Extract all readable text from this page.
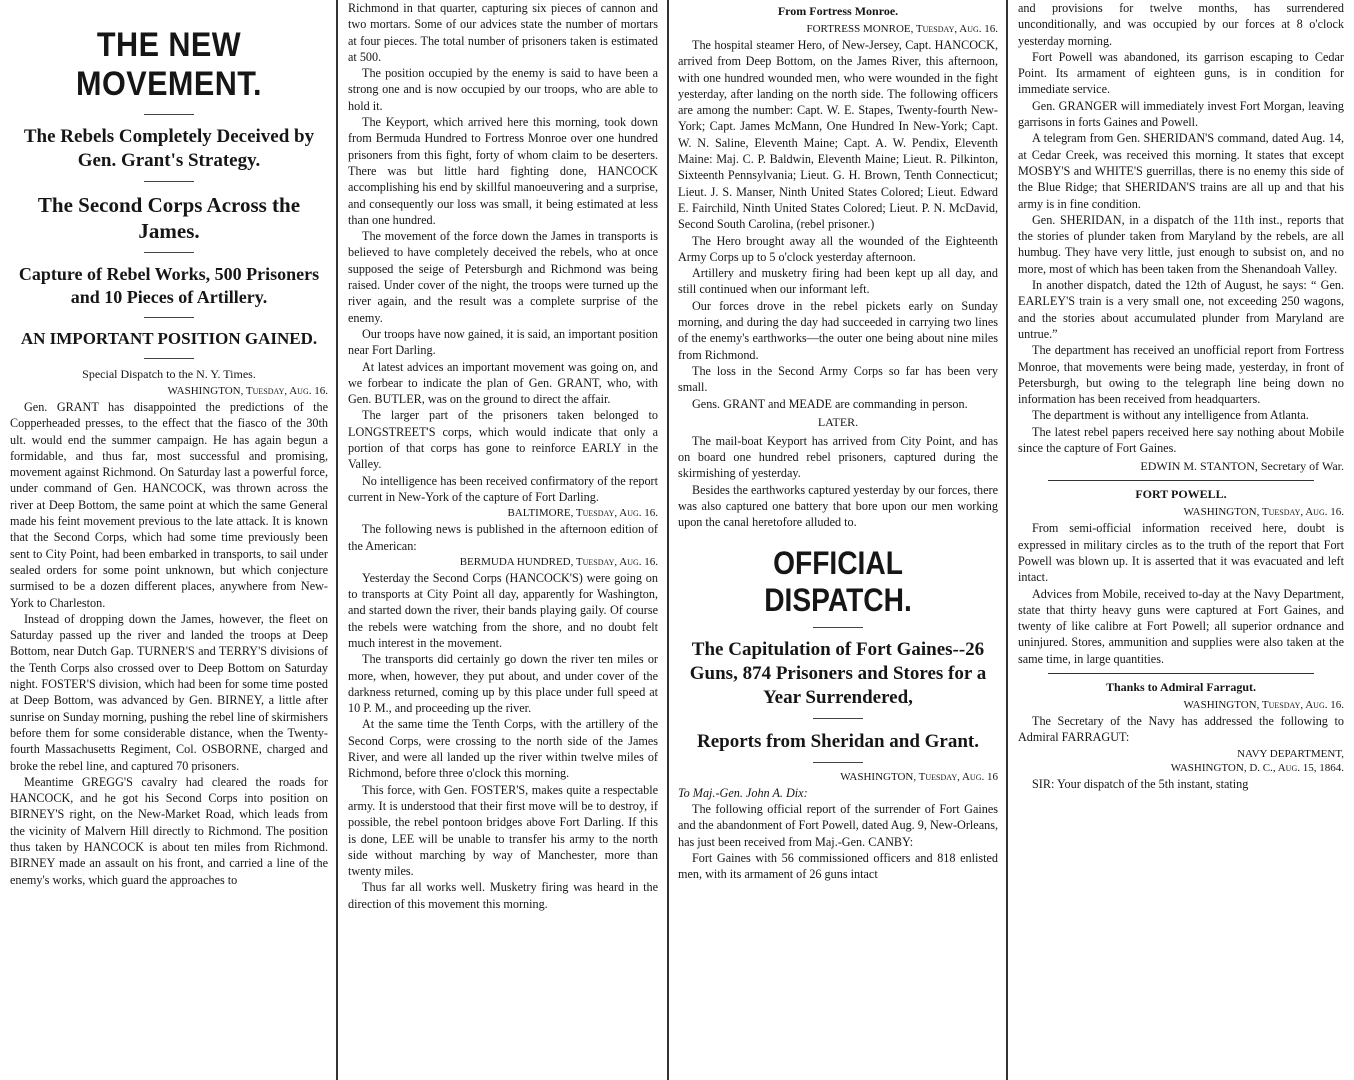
THE NEW MOVEMENT.
The Rebels Completely Deceived by Gen. Grant's Strategy.
The Second Corps Across the James.
Capture of Rebel Works, 500 Prisoners and 10 Pieces of Artillery.
AN IMPORTANT POSITION GAINED.
Special Dispatch to the N. Y. Times.
WASHINGTON, Tuesday, Aug. 16.

Gen. GRANT has disappointed the predictions of the Copperheaded presses, to the effect that the fiasco of the 30th ult. would end the summer campaign. He has again begun a formidable, and thus far, most successful and promising, movement against Richmond. On Saturday last a powerful force, under command of Gen. HANCOCK, was thrown across the river at Deep Bottom, the same point at which the same General made his feint movement previous to the late attack. It is known that the Second Corps, which had some time previously been sent to City Point, had been embarked in transports, to sail under sealed orders for some point unknown, but which conjecture surmised to be a dozen different places, anywhere from New-York to Charleston.

Instead of dropping down the James, however, the fleet on Saturday passed up the river and landed the troops at Deep Bottom, near Dutch Gap. TURNER'S and TERRY'S divisions of the Tenth Corps also crossed over to Deep Bottom on Saturday night. FOSTER'S division, which had been for some time posted at Deep Bottom, was advanced by Gen. BIRNEY, a little after sunrise on Sunday morning, pushing the rebel line of skirmishers before them for some considerable distance, when the Twenty-fourth Massachusetts Regiment, Col. OSBORNE, charged and broke the rebel line, and captured 70 prisoners.

Meantime GREGG'S cavalry had cleared the roads for HANCOCK, and he got his Second Corps into position on BIRNEY'S right, on the New-Market Road, which leads from the vicinity of Malvern Hill directly to Richmond. The position thus taken by HANCOCK is about ten miles from Richmond. BIRNEY made an assault on his front, and carried a line of the enemy's works, which guard the approaches to

Richmond in that quarter, capturing six pieces of cannon and two mortars. Some of our advices state the number of mortars at four pieces. The total number of prisoners taken is estimated at 500.

The position occupied by the enemy is said to have been a strong one and is now occupied by our troops, who are able to hold it.

The Keyport, which arrived here this morning, took down from Bermuda Hundred to Fortress Monroe over one hundred prisoners from this fight, forty of whom claim to be deserters. There was but little hard fighting done, HANCOCK accomplishing his end by skillful manoeuvering and a surprise, and consequently our loss was small, it being estimated at less than one hundred.

The movement of the force down the James in transports is believed to have completely deceived the rebels, who at once supposed the seige of Petersburgh and Richmond was being raised. Under cover of the night, the troops were turned up the river again, and the result was a complete surprise of the enemy.

Our troops have now gained, it is said, an important position near Fort Darling.

At latest advices an important movement was going on, and we forbear to indicate the plan of Gen. GRANT, who, with Gen. BUTLER, was on the ground to direct the affair.

The larger part of the prisoners taken belonged to LONGSTREET'S corps, which would indicate that only a portion of that corps has gone to reinforce EARLY in the Valley.

No intelligence has been received confirmatory of the report current in New-York of the capture of Fort Darling.

BALTIMORE, Tuesday, Aug. 16.

The following news is published in the afternoon edition of the American:

BERMUDA HUNDRED, Tuesday, Aug. 16.

Yesterday the Second Corps (HANCOCK'S) were going on to transports at City Point all day, apparently for Washington, and started down the river, their bands playing gaily. Of course the rebels were watching from the shore, and no doubt felt much interest in the movement.

The transports did certainly go down the river ten miles or more, when, however, they put about, and under cover of the darkness returned, coming up by this place under full speed at 10 P. M., and proceeding up the river.

At the same time the Tenth Corps, with the artillery of the Second Corps, were crossing to the north side of the James River, and were all landed up the river within twelve miles of Richmond, before three o'clock this morning.

This force, with Gen. FOSTER'S, makes quite a respectable army. It is understood that their first move will be to destroy, if possible, the rebel pontoon bridges above Fort Darling. If this is done, LEE will be unable to transfer his army to the north side without marching by way of Manchester, more than twenty miles.

Thus far all works well. Musketry firing was heard in the direction of this movement this morning.

From Fortress Monroe.
FORTRESS MONROE, Tuesday, Aug. 16.

The hospital steamer Hero, of New-Jersey, Capt. HANCOCK, arrived from Deep Bottom, on the James River, this afternoon, with one hundred wounded men, who were wounded in the fight yesterday, after landing on the north side. The following officers are among the number: Capt. W. E. Stapes, Twenty-fourth New-York; Capt. James McMann, One Hundred In New-York; Capt. W. N. Saline, Eleventh Maine; Capt. A. W. Pendix, Eleventh Maine: Maj. C. P. Baldwin, Eleventh Maine; Lieut. R. Pilkinton, Sixteenth Pennsylvania; Lieut. G. H. Brown, Tenth Connecticut; Lieut. J. S. Manser, Ninth United States Colored; Lieut. Edward E. Fairchild, Ninth United States Colored; Lieut. P. N. McDavid, Second South Carolina, (rebel prisoner.)

The Hero brought away all the wounded of the Eighteenth Army Corps up to 5 o'clock yesterday afternoon.

Artillery and musketry firing had been kept up all day, and still continued when our informant left.

Our forces drove in the rebel pickets early on Sunday morning, and during the day had succeeded in carrying two lines of the enemy's earthworks—the outer one being about nine miles from Richmond.

The loss in the Second Army Corps so far has been very small.

Gens. GRANT and MEADE are commanding in person.

LATER.

The mail-boat Keyport has arrived from City Point, and has on board one hundred rebel prisoners, captured during the skirmishing of yesterday.

Besides the earthworks captured yesterday by our forces, there was also captured one battery that bore upon our men working upon the canal heretofore alluded to.

OFFICIAL DISPATCH.
The Capitulation of Fort Gaines--26 Guns, 874 Prisoners and Stores for a Year Surrendered,
Reports from Sheridan and Grant.
WASHINGTON, Tuesday, Aug. 16
To Maj.-Gen. John A. Dix:

The following official report of the surrender of Fort Gaines and the abandonment of Fort Powell, dated Aug. 9, New-Orleans, has just been received from Maj.-Gen. CANBY:

Fort Gaines with 56 commissioned officers and 818 enlisted men, with its armament of 26 guns intact

and provisions for twelve months, has surrendered unconditionally, and was occupied by our forces at 8 o'clock yesterday morning.

Fort Powell was abandoned, its garrison escaping to Cedar Point. Its armament of eighteen guns, is in condition for immediate service.

Gen. GRANGER will immediately invest Fort Morgan, leaving garrisons in forts Gaines and Powell.

A telegram from Gen. SHERIDAN'S command, dated Aug. 14, at Cedar Creek, was received this morning. It states that except MOSBY'S and WHITE'S guerrillas, there is no enemy this side of the Blue Ridge; that SHERIDAN'S trains are all up and that his army is in fine condition.

Gen. SHERIDAN, in a dispatch of the 11th inst., reports that the stories of plunder taken from Maryland by the rebels, are all humbug. They have very little, just enough to subsist on, and no more, most of which has been taken from the Shenandoah Valley.

In another dispatch, dated the 12th of August, he says: “ Gen. EARLEY'S train is a very small one, not exceeding 250 wagons, and the stories about accumulated plunder from Maryland are untrue.”

The department has received an unofficial report from Fortress Monroe, that movements were being made, yesterday, in front of Petersburgh, but owing to the telegraph line being down no information has been received from headquarters.

The department is without any intelligence from Atlanta.

The latest rebel papers received here say nothing about Mobile since the capture of Fort Gaines.

EDWIN M. STANTON, Secretary of War.
FORT POWELL.
WASHINGTON, Tuesday, Aug. 16.

From semi-official information received here, doubt is expressed in military circles as to the truth of the report that Fort Powell was blown up. It is asserted that it was evacuated and left intact.

Advices from Mobile, received to-day at the Navy Department, state that thirty heavy guns were captured at Fort Gaines, and twenty of like calibre at Fort Powell; all superior ordnance and uninjured. Stores, ammunition and supplies were also taken at the same time, in large quantities.

Thanks to Admiral Farragut.
WASHINGTON, Tuesday, Aug. 16.

The Secretary of the Navy has addressed the following to Admiral FARRAGUT:

NAVY DEPARTMENT,
WASHINGTON, D. C., Aug. 15, 1864.

SIR: Your dispatch of the 5th instant, stating
